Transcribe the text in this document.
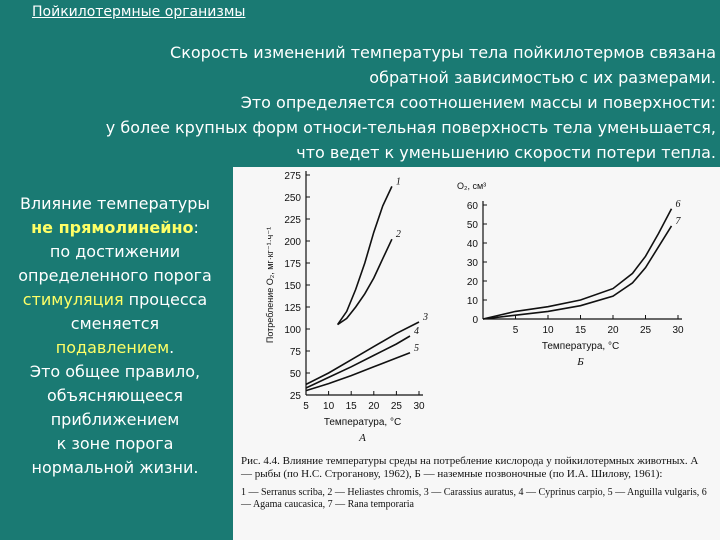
Пойкилотермные организмы
Скорость изменений температуры тела пойкилотермов связана
обратной зависимостью с их размерами.
Это определяется соотношением массы и поверхности:
у более крупных форм относи-тельная поверхность тела уменьшается,
что ведет к уменьшению скорости потери тепла.
Влияние температуры
не прямолинейно:
по достижении
определенного порога
стимуляция процесса
сменяется
подавлением.
Это общее правило,
объясняющееся
приближением
к зоне порога
нормальной жизни.
25
50
75
100
125
150
175
200
225
250
275
5 10 15 20 25 30
1
2
3
4
5
Температура, °С
А
Потребление O₂, мг·кг⁻¹·ч⁻¹	0
10
20
30
40
50
60
5 10 15 20 25 30
6
7
Температура, °С
Б
O₂, см³

Рис. 4.4. Влияние температуры среды на потребление кислорода у пойкилотермных животных. А — рыбы (по Н.С. Строганову, 1962), Б — наземные позвоночные (по И.А. Шилову, 1961):

1 — Serranus scriba, 2 — Heliastes chromis, 3 — Carassius auratus, 4 — Cyprinus carpio, 5 — Anguilla vulgaris, 6 — Agama caucasica, 7 — Rana temporaria
